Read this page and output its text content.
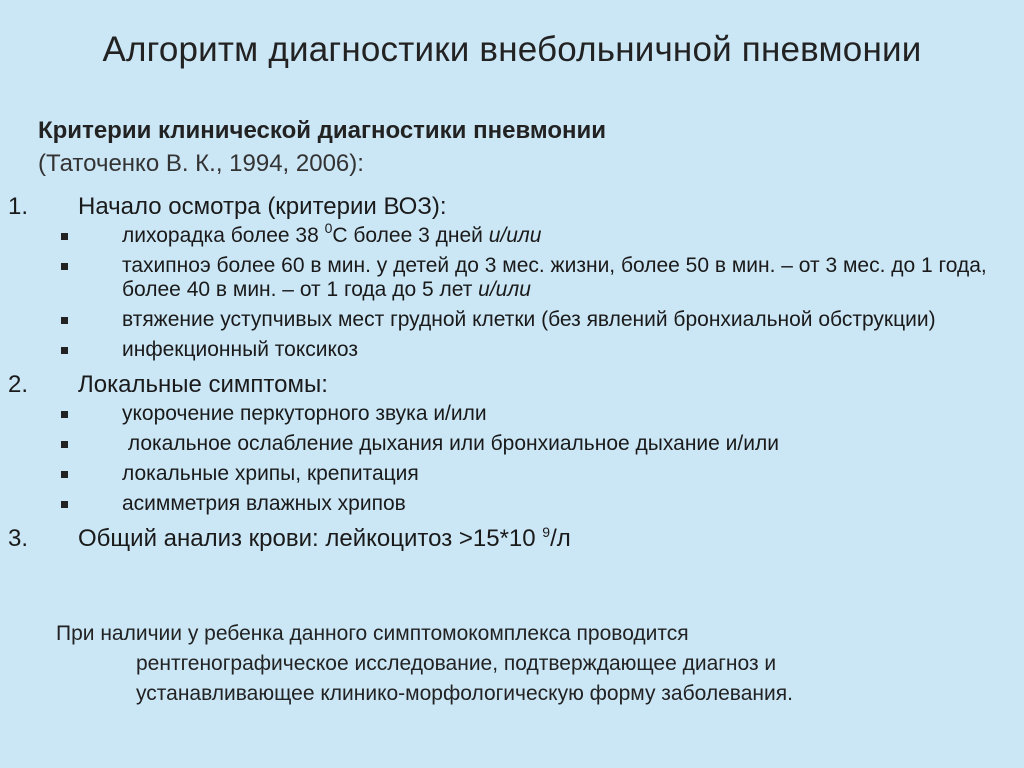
Алгоритм диагностики внебольничной пневмонии
Критерии клинической диагностики пневмонии
(Таточенко В. К., 1994, 2006):
1. Начало осмотра (критерии ВОЗ):
лихорадка более 38 $^0$С более 3 дней и/или
тахипноэ более 60 в мин. у детей до 3 мес. жизни, более 50 в мин. – от 3 мес. до 1 года, более 40 в мин. – от 1 года до 5 лет и/или
втяжение уступчивых мест грудной клетки (без явлений бронхиальной обструкции)
инфекционный токсикоз
2. Локальные симптомы:
укорочение перкуторного звука и/или
локальное ослабление дыхания или бронхиальное дыхание и/или
локальные хрипы, крепитация
асимметрия влажных хрипов
3. Общий анализ крови: лейкоцитоз >15*10 $^9$/л
При наличии у ребенка данного симптомокомплекса проводится
рентгенографическое исследование, подтверждающее диагноз и
устанавливающее клинико-морфологическую форму заболевания.
